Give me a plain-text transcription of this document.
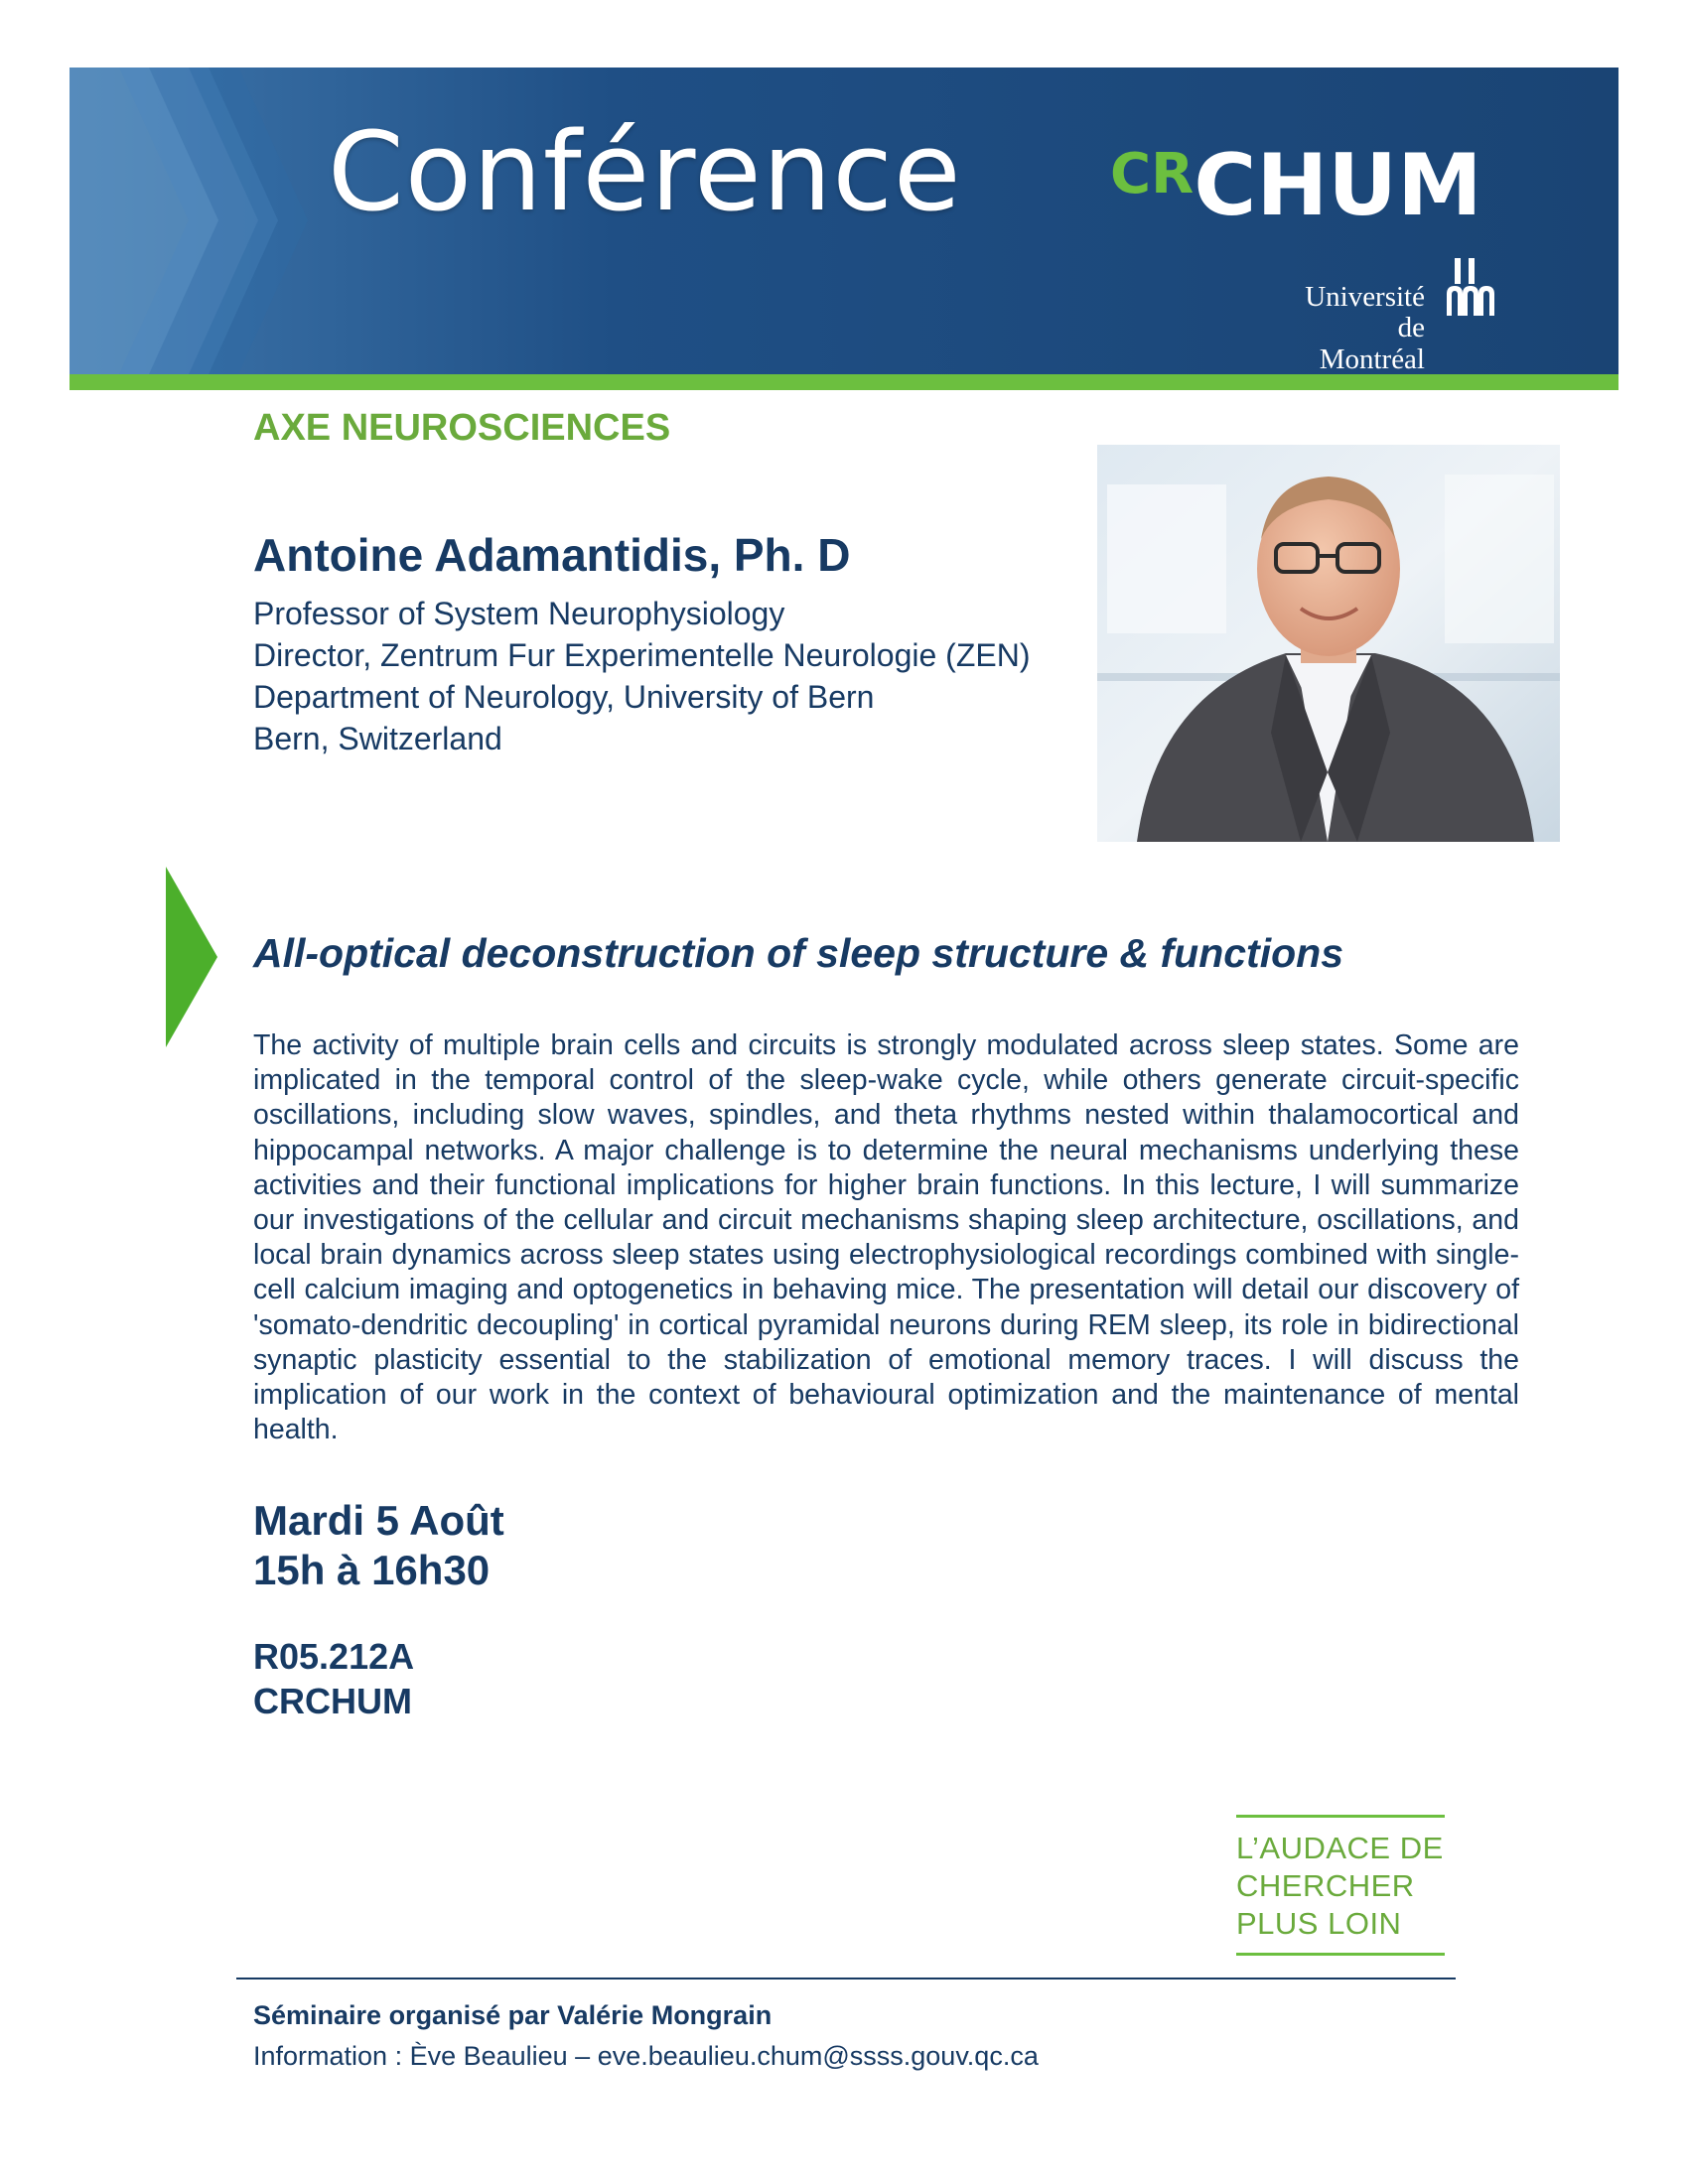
Conférence	CRCHUM
Université
de Montréal
AXE NEUROSCIENCES
Antoine Adamantidis, Ph. D
Professor of System Neurophysiology
Director, Zentrum Fur Experimentelle Neurologie (ZEN)
Department of Neurology, University of Bern
Bern, Switzerland
All-optical deconstruction of sleep structure & functions

The activity of multiple brain cells and circuits is strongly modulated across sleep states. Some are implicated in the temporal control of the sleep-wake cycle, while others generate circuit-specific oscillations, including slow waves, spindles, and theta rhythms nested within thalamocortical and hippocampal networks. A major challenge is to determine the neural mechanisms underlying these activities and their functional implications for higher brain functions. In this lecture, I will summarize our investigations of the cellular and circuit mechanisms shaping sleep architecture, oscillations, and local brain dynamics across sleep states using electrophysiological recordings combined with single-cell calcium imaging and optogenetics in behaving mice. The presentation will detail our discovery of 'somato-dendritic decoupling' in cortical pyramidal neurons during REM sleep, its role in bidirectional synaptic plasticity essential to the stabilization of emotional memory traces. I will discuss the implication of our work in the context of behavioural optimization and the maintenance of mental health.

Mardi 5 Août
15h à 16h30
R05.212A
CRCHUM
L’AUDACE DE
CHERCHER
PLUS LOIN
Séminaire organisé par Valérie Mongrain
Information : Ève Beaulieu – eve.beaulieu.chum@ssss.gouv.qc.ca
